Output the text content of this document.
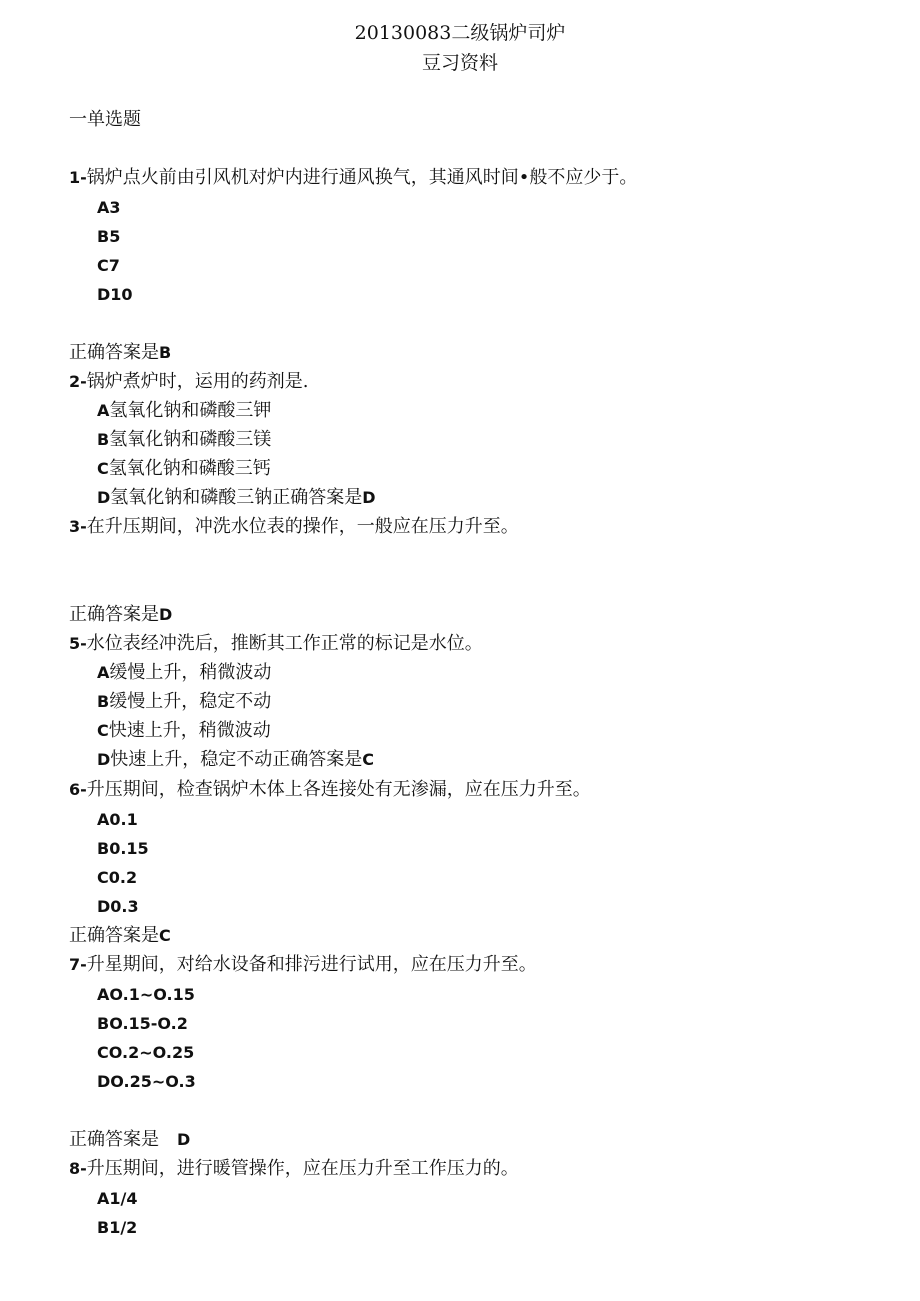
20130083二级锅炉司炉
豆习资料
一单选题
1-锅炉点火前由引风机对炉内进行通风换气，其通风时间•般不应少于。
A3
B5
C7
D10
正确答案是B
2-锅炉煮炉时，运用的药剂是.
A氢氧化钠和磷酸三钾
B氢氧化钠和磷酸三镁
C氢氧化钠和磷酸三钙
D氢氧化钠和磷酸三钠正确答案是D
3-在升压期间，冲洗水位表的操作，一般应在压力升至。
正确答案是D
5-水位表经冲洗后，推断其工作正常的标记是水位。
A缓慢上升，稍微波动
B缓慢上升，稳定不动
C快速上升，稍微波动
D快速上升，稳定不动正确答案是C
6-升压期间，检查锅炉木体上各连接处有无渗漏，应在压力升至。
A0.1
B0.15
C0.2
D0.3
正确答案是C
7-升星期间，对给水设备和排污进行试用，应在压力升至。
AO.1~O.15
BO.15-O.2
CO.2~O.25
DO.25~O.3
正确答案是 D
8-升压期间，进行暖管操作，应在压力升至工作压力的。
A1/4
B1/2
